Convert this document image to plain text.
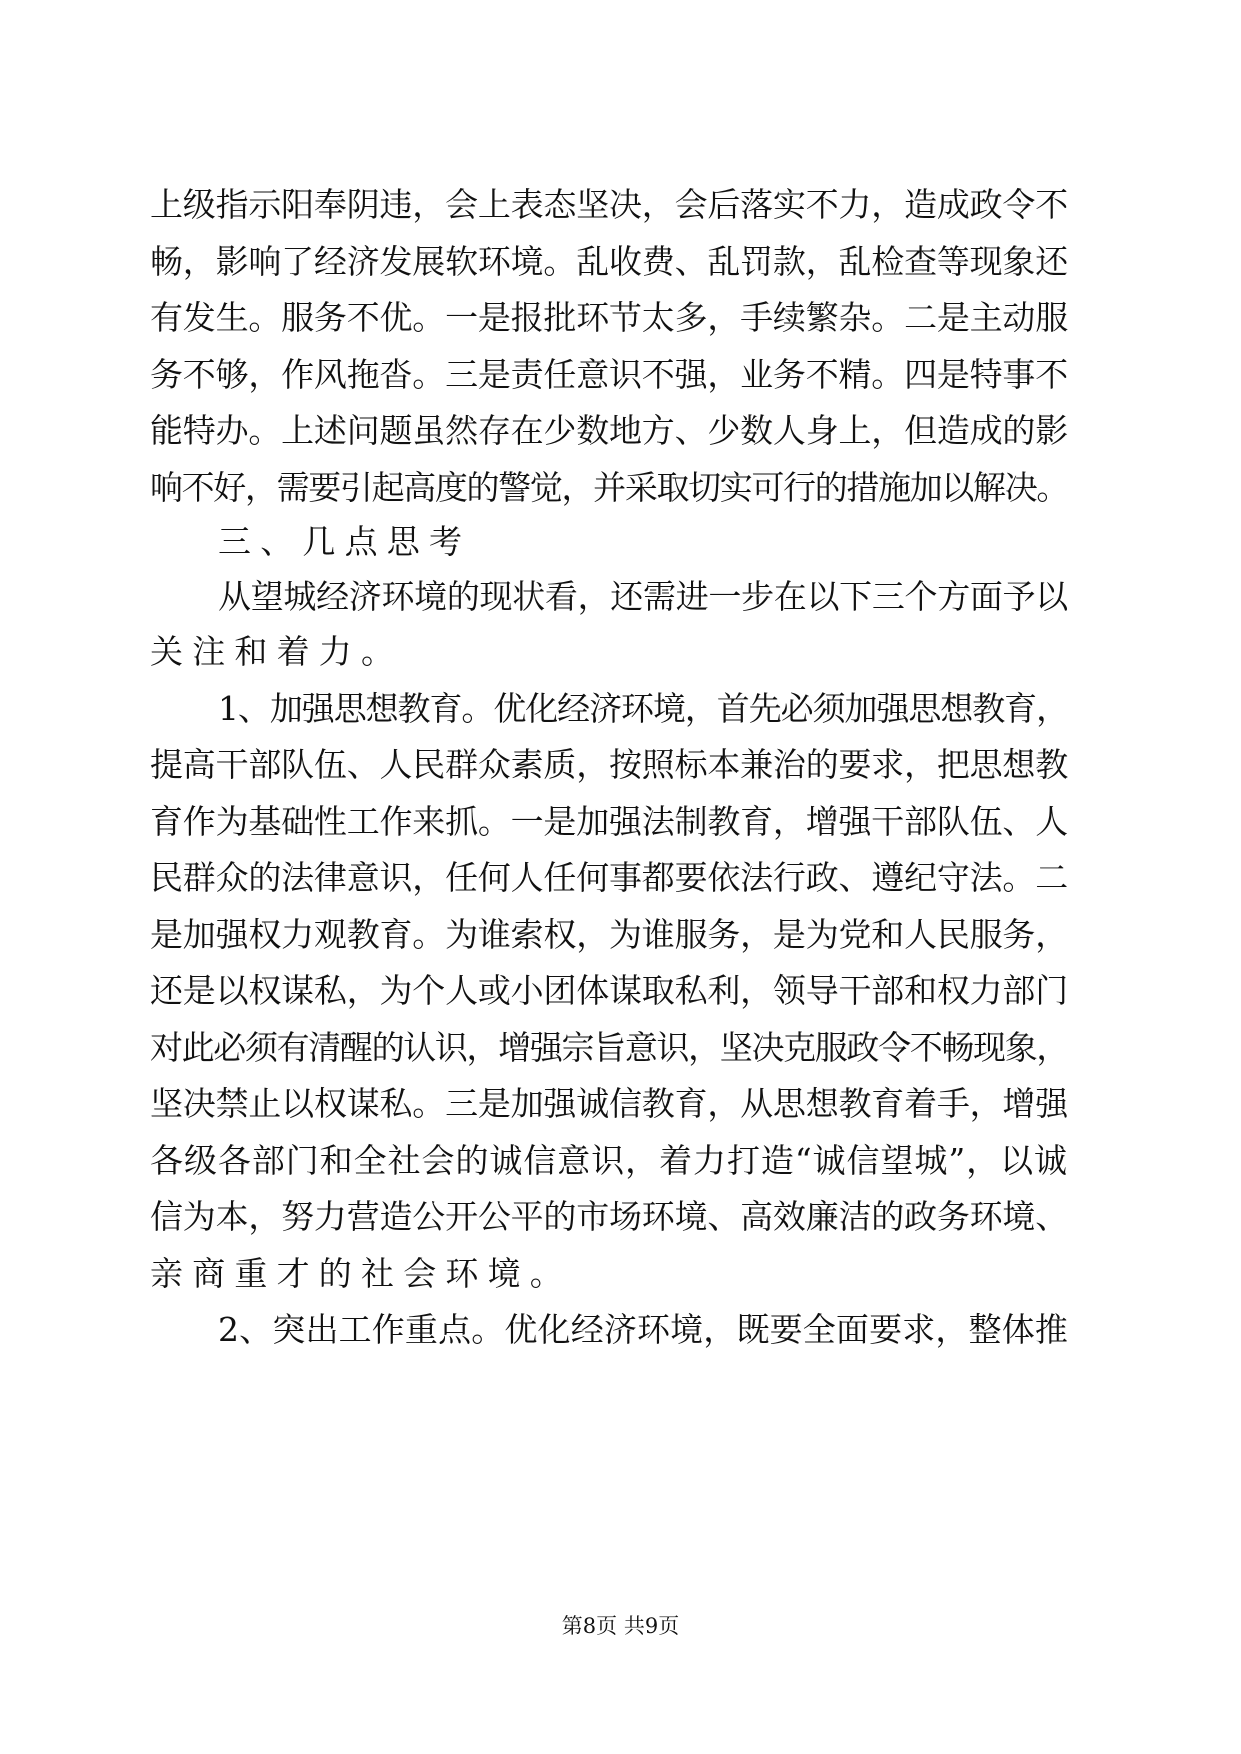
上级指示阳奉阴违，会上表态坚决，会后落实不力，造成政令不
畅，影响了经济发展软环境。乱收费、乱罚款，乱检查等现象还
有发生。服务不优。一是报批环节太多，手续繁杂。二是主动服
务不够，作风拖沓。三是责任意识不强，业务不精。四是特事不
能特办。上述问题虽然存在少数地方、少数人身上，但造成的影
响不好，需要引起高度的警觉，并采取切实可行的措施加以解决。
三、几点思考
从望城经济环境的现状看，还需进一步在以下三个方面予以
关注和着力。
1、加强思想教育。优化经济环境，首先必须加强思想教育，
提高干部队伍、人民群众素质，按照标本兼治的要求，把思想教
育作为基础性工作来抓。一是加强法制教育，增强干部队伍、人
民群众的法律意识，任何人任何事都要依法行政、遵纪守法。二
是加强权力观教育。为谁索权，为谁服务，是为党和人民服务，
还是以权谋私，为个人或小团体谋取私利，领导干部和权力部门
对此必须有清醒的认识，增强宗旨意识，坚决克服政令不畅现象，
坚决禁止以权谋私。三是加强诚信教育，从思想教育着手，增强
各级各部门和全社会的诚信意识，着力打造“诚信望城”，以诚
信为本，努力营造公开公平的市场环境、高效廉洁的政务环境、
亲商重才的社会环境。
2、突出工作重点。优化经济环境，既要全面要求，整体推
第8页 共9页
